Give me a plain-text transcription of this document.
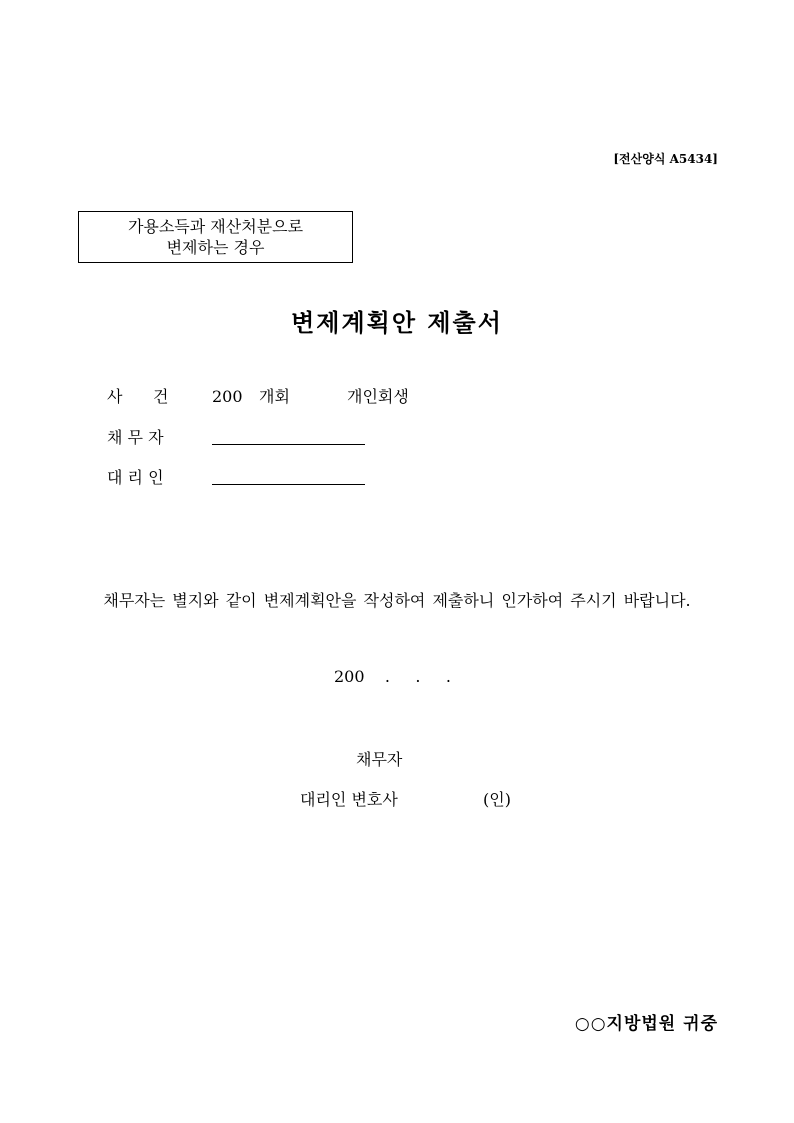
[전산양식 A5434]
가용소득과 재산처분으로
변제하는 경우
변제계획안 제출서
사      건	200 개회	개인회생
채 무 자
대 리 인
채무자는 별지와 같이 변제계획안을 작성하여 제출하니 인가하여 주시기 바랍니다.
200    .     .     .
채무자
대리인 변호사	(인)
○○지방법원 귀중
